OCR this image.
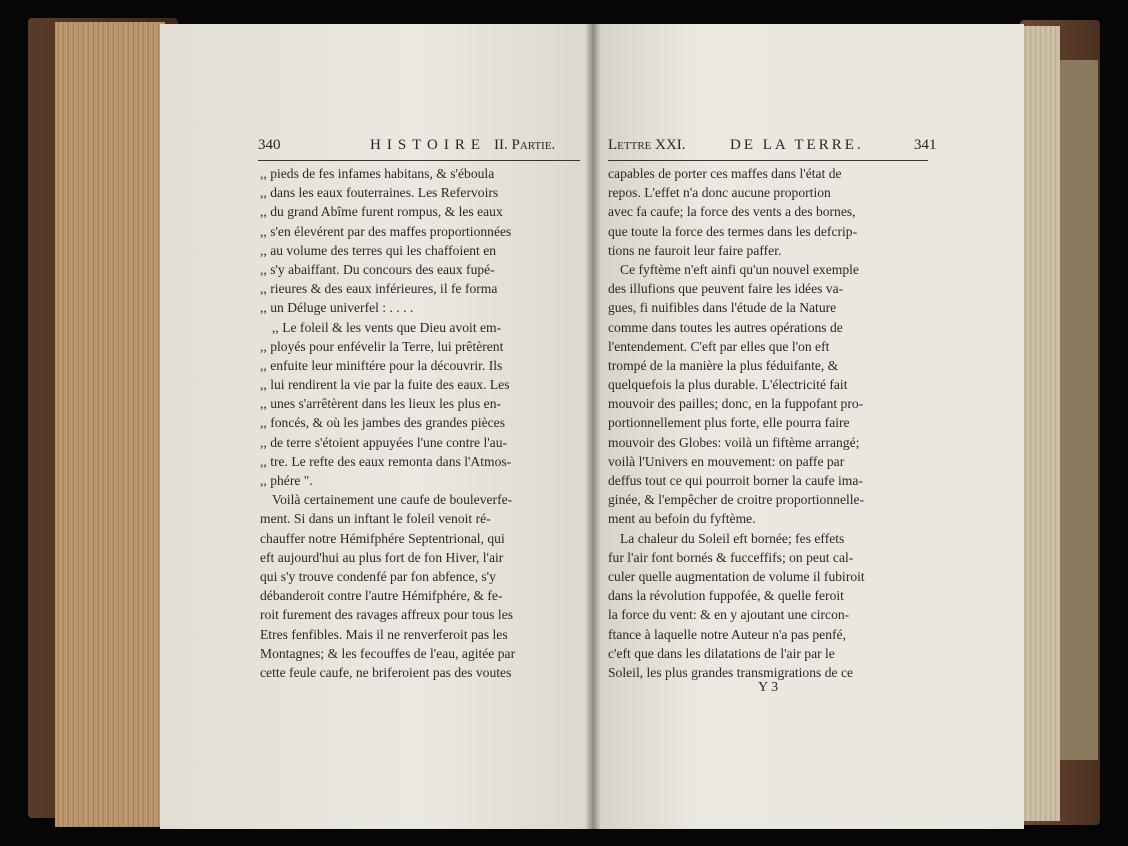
340	HISTOIRE II. Partie.
,, pieds de fes infames habitans, & s'éboula
,, dans les eaux fouterraines. Les Refervoirs
,, du grand Abîme furent rompus, & les eaux
,, s'en élevérent par des maffes proportionnées
,, au volume des terres qui les chaffoient en
,, s'y abaiffant. Du concours des eaux fupé-
,, rieures & des eaux inférieures, il fe forma
,, un Déluge univerfel : . . . .
,, Le foleil & les vents que Dieu avoit em-
,, ployés pour enfévelir la Terre, lui prêtèrent
,, enfuite leur miniftére pour la découvrir. Ils
,, lui rendirent la vie par la fuite des eaux. Les
,, unes s'arrêtèrent dans les lieux les plus en-
,, foncés, & où les jambes des grandes pièces
,, de terre s'étoient appuyées l'une contre l'au-
,, tre. Le refte des eaux remonta dans l'Atmos-
,, phére ".
Voilà certainement une caufe de bouleverfe-
ment. Si dans un inftant le foleil venoit ré-
chauffer notre Hémifphére Septentrional, qui
eft aujourd'hui au plus fort de fon Hiver, l'air
qui s'y trouve condenfé par fon abfence, s'y
débanderoit contre l'autre Hémifphére, & fe-
roit furement des ravages affreux pour tous les
Etres fenfibles. Mais il ne renverferoit pas les
Montagnes; & les fecouffes de l'eau, agitée par
cette feule caufe, ne briferoient pas des voutes
Lettre XXI.	DE LA TERRE.	341
capables de porter ces maffes dans l'état de
repos. L'effet n'a donc aucune proportion
avec fa caufe; la force des vents a des bornes,
que toute la force des termes dans les defcrip-
tions ne fauroit leur faire paffer.
Ce fyftème n'eft ainfi qu'un nouvel exemple
des illufions que peuvent faire les idées va-
gues, fi nuifibles dans l'étude de la Nature
comme dans toutes les autres opérations de
l'entendement. C'eft par elles que l'on eft
trompé de la manière la plus féduifante, &
quelquefois la plus durable. L'électricité fait
mouvoir des pailles; donc, en la fuppofant pro-
portionnellement plus forte, elle pourra faire
mouvoir des Globes: voilà un fiftème arrangé;
voilà l'Univers en mouvement: on paffe par
deffus tout ce qui pourroit borner la caufe ima-
ginée, & l'empêcher de croitre proportionnelle-
ment au befoin du fyftème.
La chaleur du Soleil eft bornée; fes effets
fur l'air font bornés & fucceffifs; on peut cal-
culer quelle augmentation de volume il fubiroit
dans la révolution fuppofée, & quelle feroit
la force du vent: & en y ajoutant une circon-
ftance à laquelle notre Auteur n'a pas penfé,
c'eft que dans les dilatations de l'air par le
Soleil, les plus grandes transmigrations de ce
Y 3
